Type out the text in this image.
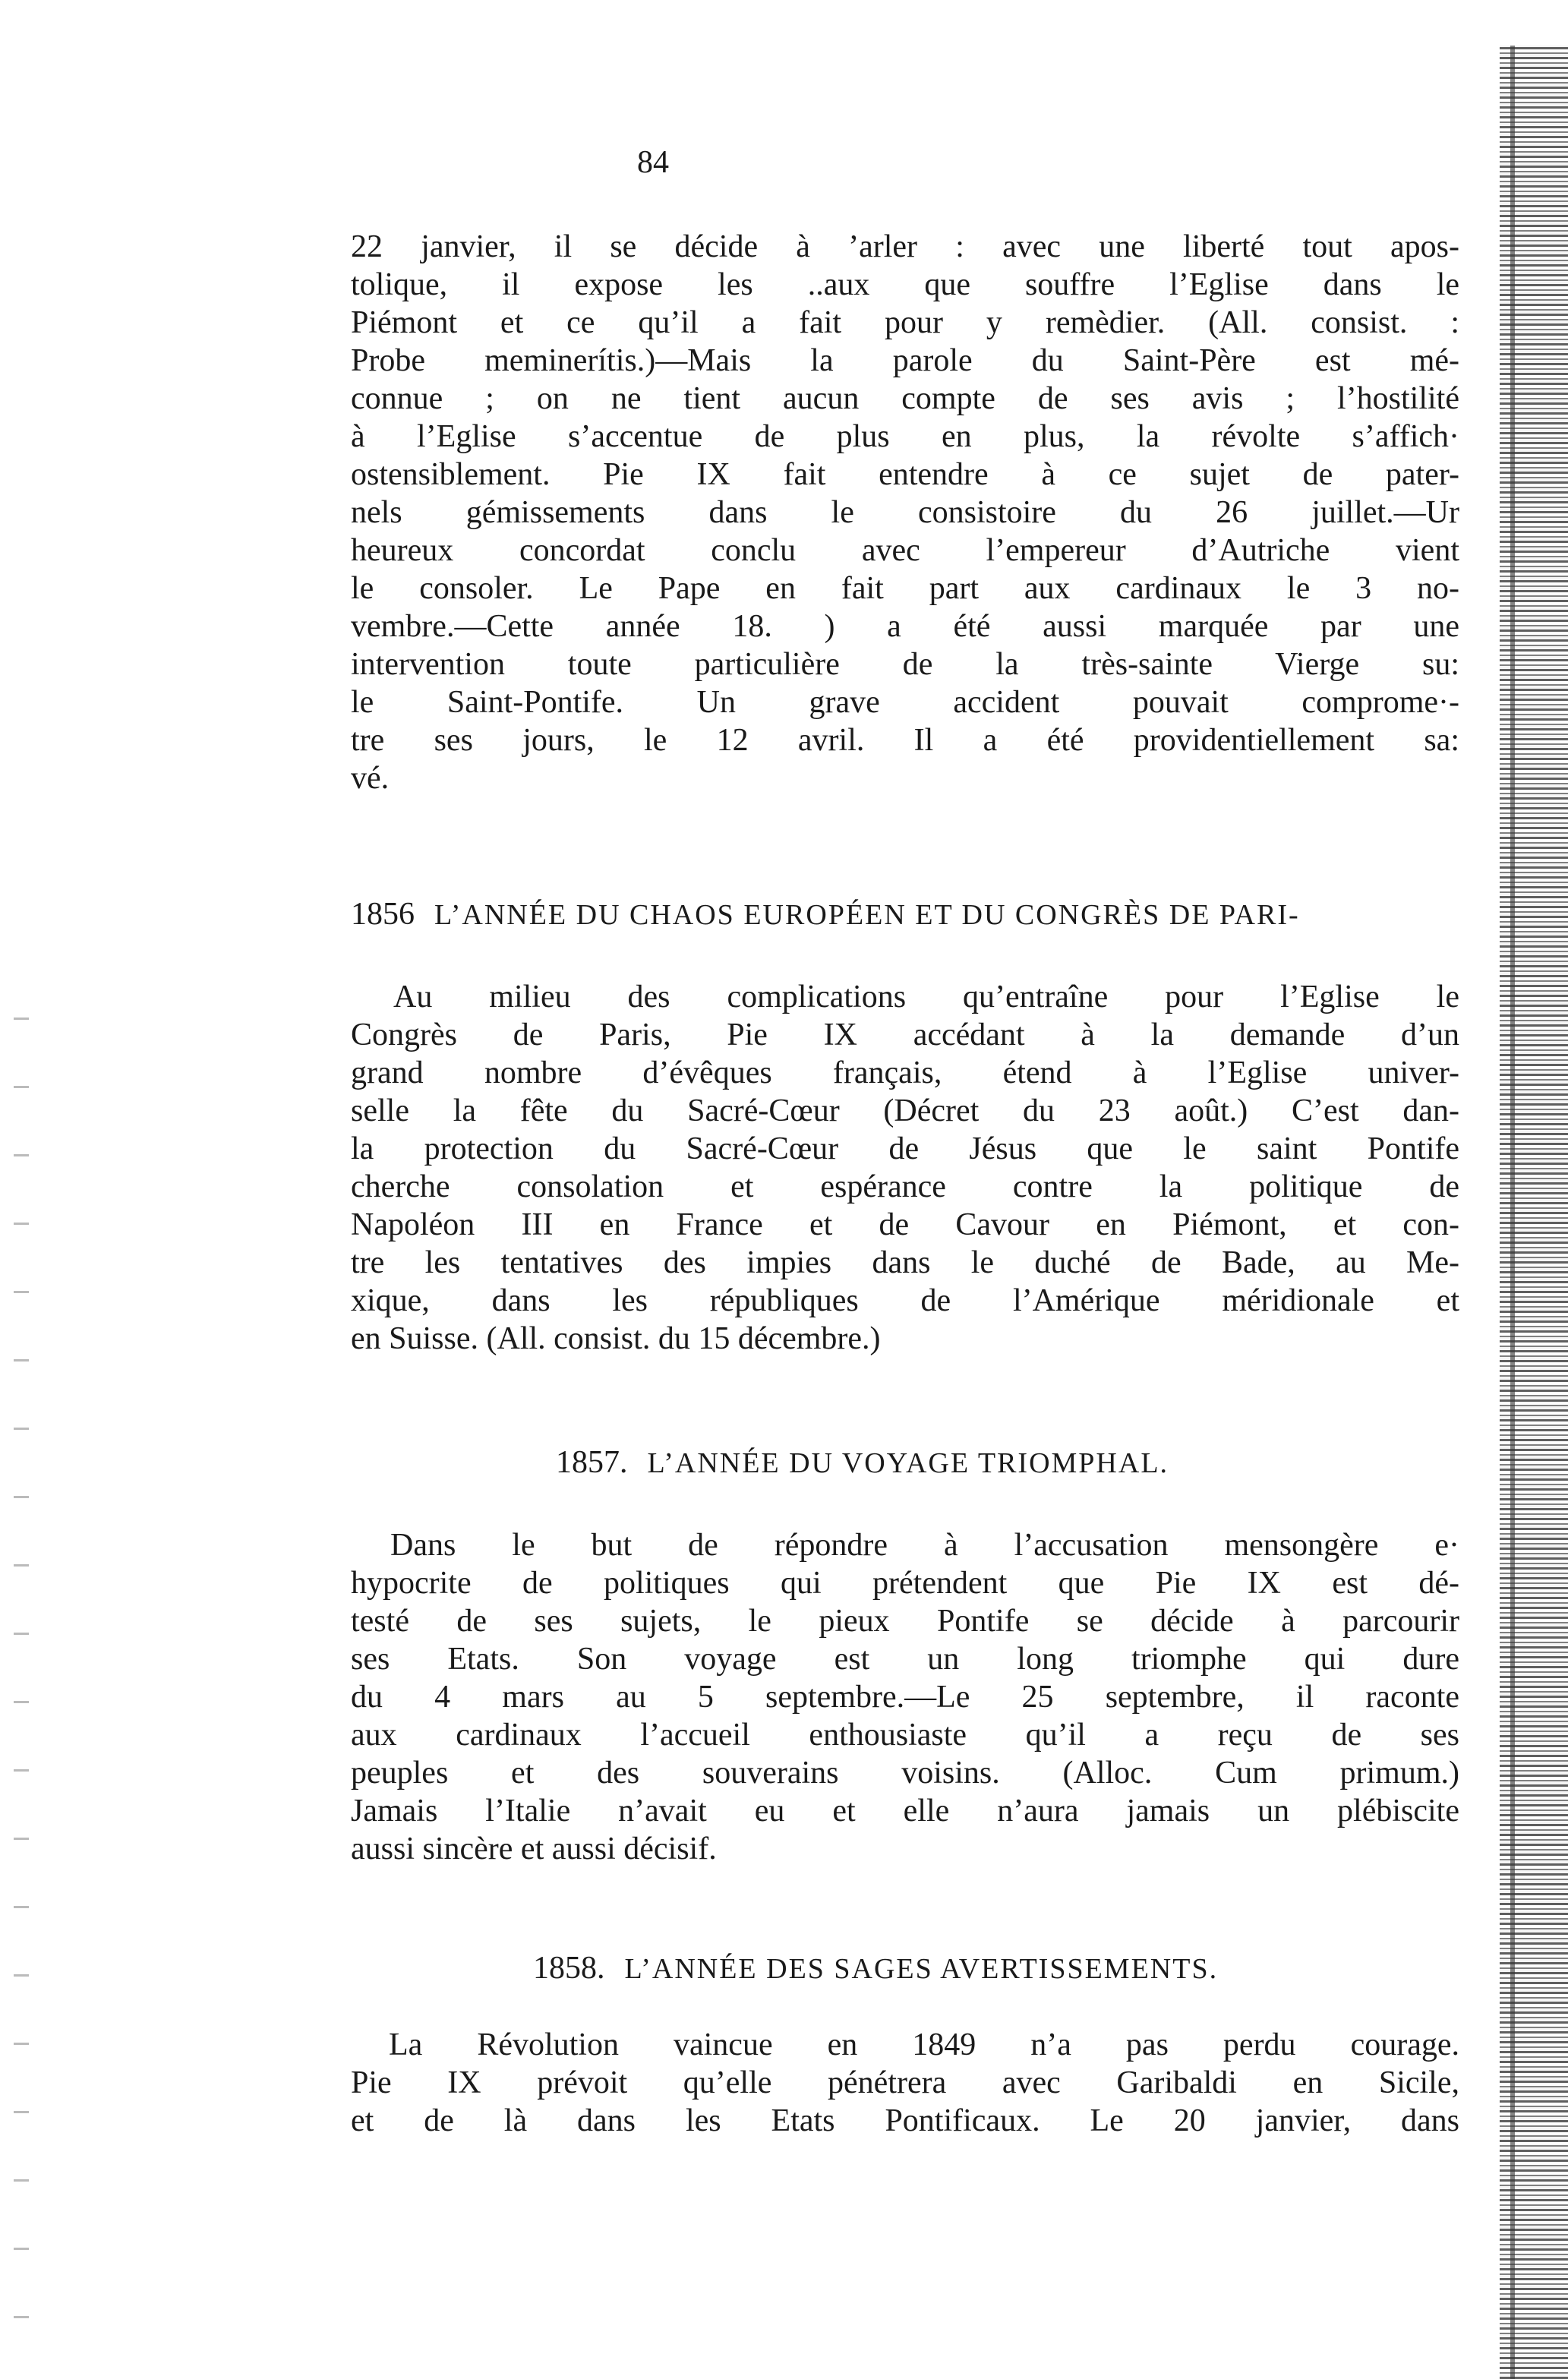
84
22 janvier, il se décide à ʼarler : avec une liberté tout apos-
tolique, il expose les ..aux que souffre l’Eglise dans le
Piémont et ce qu’il a fait pour y remèdier. (All. consist. :
Probe meminerítis.)—Mais la parole du Saint-Père est mé-
connue ; on ne tient aucun compte de ses avis ; l’hostilité
à l’Eglise s’accentue de plus en plus, la révolte s’affich·
ostensiblement. Pie IX fait entendre à ce sujet de pater-
nels gémissements dans le consistoire du 26 juillet.—Ur
heureux concordat conclu avec l’empereur d’Autriche vient
le consoler. Le Pape en fait part aux cardinaux le 3 no-
vembre.—Cette année 18. ) a été aussi marquée par une
intervention toute particulière de la très-sainte Vierge su:
le Saint-Pontife. Un grave accident pouvait comprome·-
tre ses jours, le 12 avril. Il a été providentiellement sa:
vé.
1856 L’ANNÉE DU CHAOS EUROPÉEN ET DU CONGRÈS DE PARI-
Au milieu des complications qu’entraîne pour l’Eglise le
Congrès de Paris, Pie IX accédant à la demande d’un
grand nombre d’évêques français, étend à l’Eglise univer-
selle la fête du Sacré-Cœur (Décret du 23 août.) C’est dan-
la protection du Sacré-Cœur de Jésus que le saint Pontife
cherche consolation et espérance contre la politique de
Napoléon III en France et de Cavour en Piémont, et con-
tre les tentatives des impies dans le duché de Bade, au Me-
xique, dans les républiques de l’Amérique méridionale et
en Suisse. (All. consist. du 15 décembre.)
1857. L’ANNÉE DU VOYAGE TRIOMPHAL.
Dans le but de répondre à l’accusation mensongère e·
hypocrite de politiques qui prétendent que Pie IX est dé-
testé de ses sujets, le pieux Pontife se décide à parcourir
ses Etats. Son voyage est un long triomphe qui dure
du 4 mars au 5 septembre.—Le 25 septembre, il raconte
aux cardinaux l’accueil enthousiaste qu’il a reçu de ses
peuples et des souverains voisins. (Alloc. Cum primum.)
Jamais l’Italie n’avait eu et elle n’aura jamais un plébiscite
aussi sincère et aussi décisif.
1858. L’ANNÉE DES SAGES AVERTISSEMENTS.
La Révolution vaincue en 1849 n’a pas perdu courage.
Pie IX prévoit qu’elle pénétrera avec Garibaldi en Sicile,
et de là dans les Etats Pontificaux. Le 20 janvier, dans
